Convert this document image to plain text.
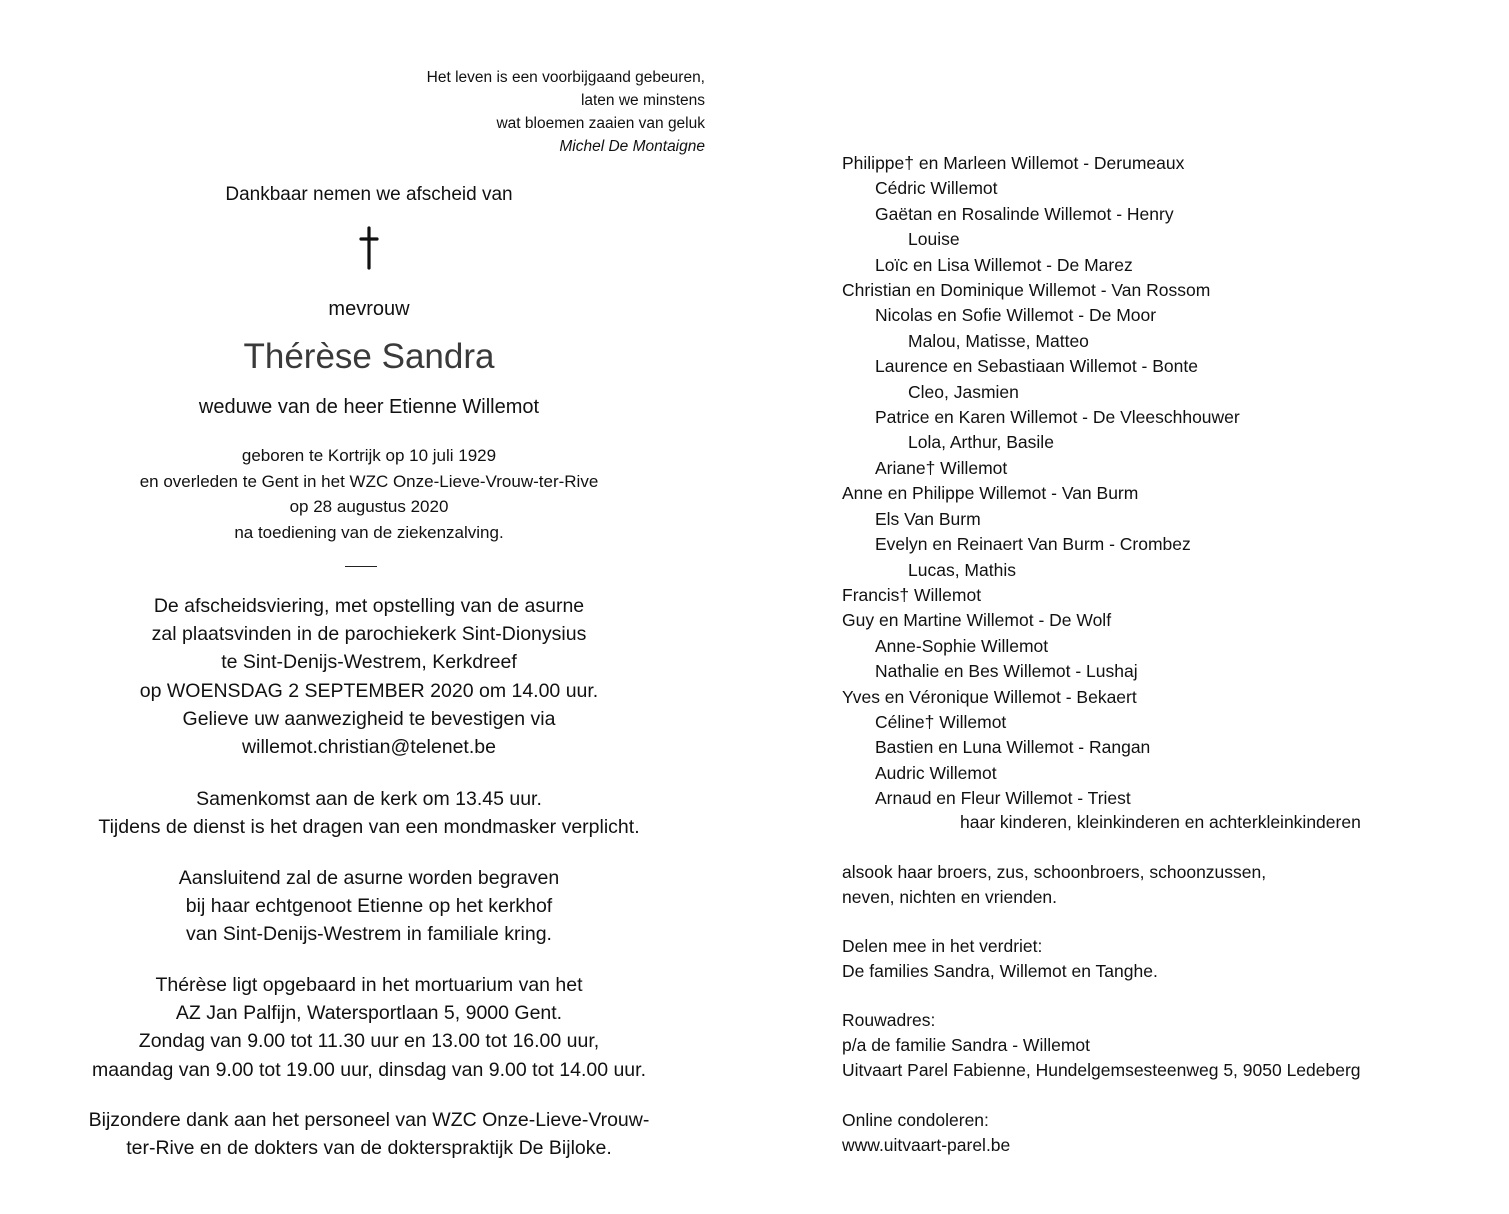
Het leven is een voorbijgaand gebeuren,
laten we minstens
wat bloemen zaaien van geluk
Michel De Montaigne
Dankbaar nemen we afscheid van
mevrouw
Thérèse Sandra
weduwe van de heer Etienne Willemot
geboren te Kortrijk op 10 juli 1929
en overleden te Gent in het WZC Onze-Lieve-Vrouw-ter-Rive
op 28 augustus 2020
na toediening van de ziekenzalving.
De afscheidsviering, met opstelling van de asurne
zal plaatsvinden in de parochiekerk Sint-Dionysius
te Sint-Denijs-Westrem, Kerkdreef
op WOENSDAG 2 SEPTEMBER 2020 om 14.00 uur.
Gelieve uw aanwezigheid te bevestigen via
willemot.christian@telenet.be
Samenkomst aan de kerk om 13.45 uur.
Tijdens de dienst is het dragen van een mondmasker verplicht.
Aansluitend zal de asurne worden begraven
bij haar echtgenoot Etienne op het kerkhof
van Sint-Denijs-Westrem in familiale kring.
Thérèse ligt opgebaard in het mortuarium van het
AZ Jan Palfijn, Watersportlaan 5, 9000 Gent.
Zondag van 9.00 tot 11.30 uur en 13.00 tot 16.00 uur,
maandag van 9.00 tot 19.00 uur, dinsdag van 9.00 tot 14.00 uur.
Bijzondere dank aan het personeel van WZC Onze-Lieve-Vrouw-
ter-Rive en de dokters van de dokterspraktijk De Bijloke.
Philippe† en Marleen Willemot - Derumeaux
Cédric Willemot
Gaëtan en Rosalinde Willemot - Henry
Louise
Loïc en Lisa Willemot - De Marez
Christian en Dominique Willemot - Van Rossom
Nicolas en Sofie Willemot - De Moor
Malou, Matisse, Matteo
Laurence en Sebastiaan Willemot - Bonte
Cleo, Jasmien
Patrice en Karen Willemot - De Vleeschhouwer
Lola, Arthur, Basile
Ariane† Willemot
Anne en Philippe Willemot - Van Burm
Els Van Burm
Evelyn en Reinaert Van Burm - Crombez
Lucas, Mathis
Francis† Willemot
Guy en Martine Willemot - De Wolf
Anne-Sophie Willemot
Nathalie en Bes Willemot - Lushaj
Yves en Véronique Willemot - Bekaert
Céline† Willemot
Bastien en Luna Willemot - Rangan
Audric Willemot
Arnaud en Fleur Willemot - Triest
haar kinderen, kleinkinderen en achterkleinkinderen
alsook haar broers, zus, schoonbroers, schoonzussen,
neven, nichten en vrienden.
Delen mee in het verdriet:
De families Sandra, Willemot en Tanghe.
Rouwadres:
p/a de familie Sandra - Willemot
Uitvaart Parel Fabienne, Hundelgemsesteenweg 5, 9050 Ledeberg
Online condoleren:
www.uitvaart-parel.be
